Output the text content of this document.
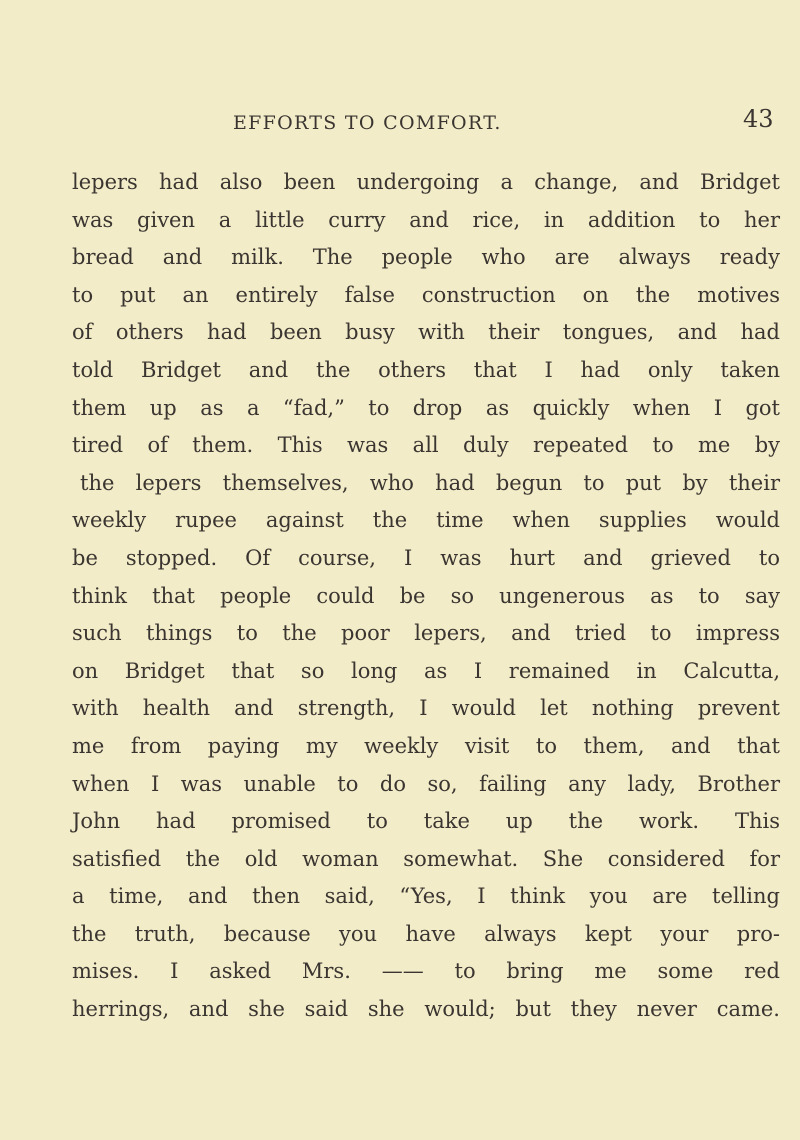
EFFORTS TO COMFORT.	43
lepers had also been undergoing a change, and Bridget
was given a little curry and rice, in addition to her
bread and milk. The people who are always ready
to put an entirely false construction on the motives
of others had been busy with their tongues, and had
told Bridget and the others that I had only taken
them up as a “fad,” to drop as quickly when I got
tired of them. This was all duly repeated to me by
the lepers themselves, who had begun to put by their
weekly rupee against the time when supplies would
be stopped. Of course, I was hurt and grieved to
think that people could be so ungenerous as to say
such things to the poor lepers, and tried to impress
on Bridget that so long as I remained in Calcutta,
with health and strength, I would let nothing prevent
me from paying my weekly visit to them, and that
when I was unable to do so, failing any lady, Brother
John had promised to take up the work. This
satisfied the old woman somewhat. She considered for
a time, and then said, “Yes, I think you are telling
the truth, because you have always kept your pro-
mises. I asked Mrs. —— to bring me some red
herrings, and she said she would; but they never came.
